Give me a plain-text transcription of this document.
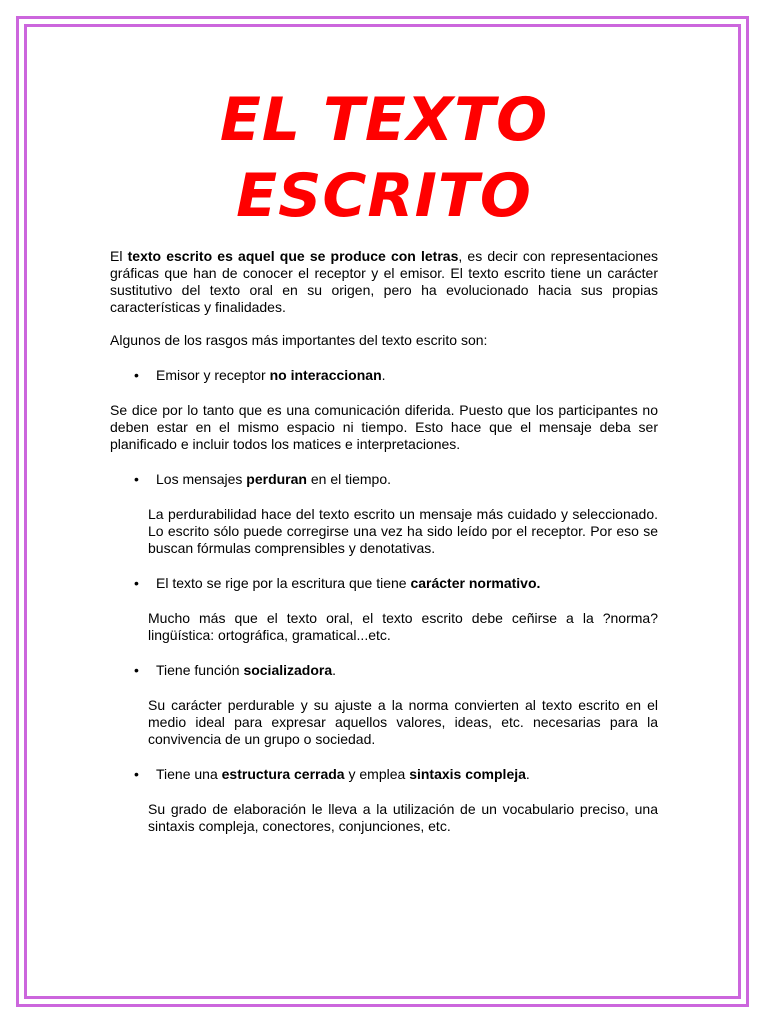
EL TEXTO
ESCRITO

El texto escrito es aquel que se produce con letras, es decir con representaciones gráficas que han de conocer el receptor y el emisor. El texto escrito tiene un carácter sustitutivo del texto oral en su origen, pero ha evolucionado hacia sus propias características y finalidades.

Algunos de los rasgos más importantes del texto escrito son:

• Emisor y receptor no interaccionan.

Se dice por lo tanto que es una comunicación diferida. Puesto que los participantes no deben estar en el mismo espacio ni tiempo. Esto hace que el mensaje deba ser planificado e incluir todos los matices e interpretaciones.

• Los mensajes perduran en el tiempo.

La perdurabilidad hace del texto escrito un mensaje más cuidado y seleccionado. Lo escrito sólo puede corregirse una vez ha sido leído por el receptor. Por eso se buscan fórmulas comprensibles y denotativas.

• El texto se rige por la escritura que tiene carácter normativo.

Mucho más que el texto oral, el texto escrito debe ceñirse a la ?norma? lingüística: ortográfica, gramatical...etc.

• Tiene función socializadora.

Su carácter perdurable y su ajuste a la norma convierten al texto escrito en el medio ideal para expresar aquellos valores, ideas, etc. necesarias para la convivencia de un grupo o sociedad.

• Tiene una estructura cerrada y emplea sintaxis compleja.

Su grado de elaboración le lleva a la utilización de un vocabulario preciso, una sintaxis compleja, conectores, conjunciones, etc.
